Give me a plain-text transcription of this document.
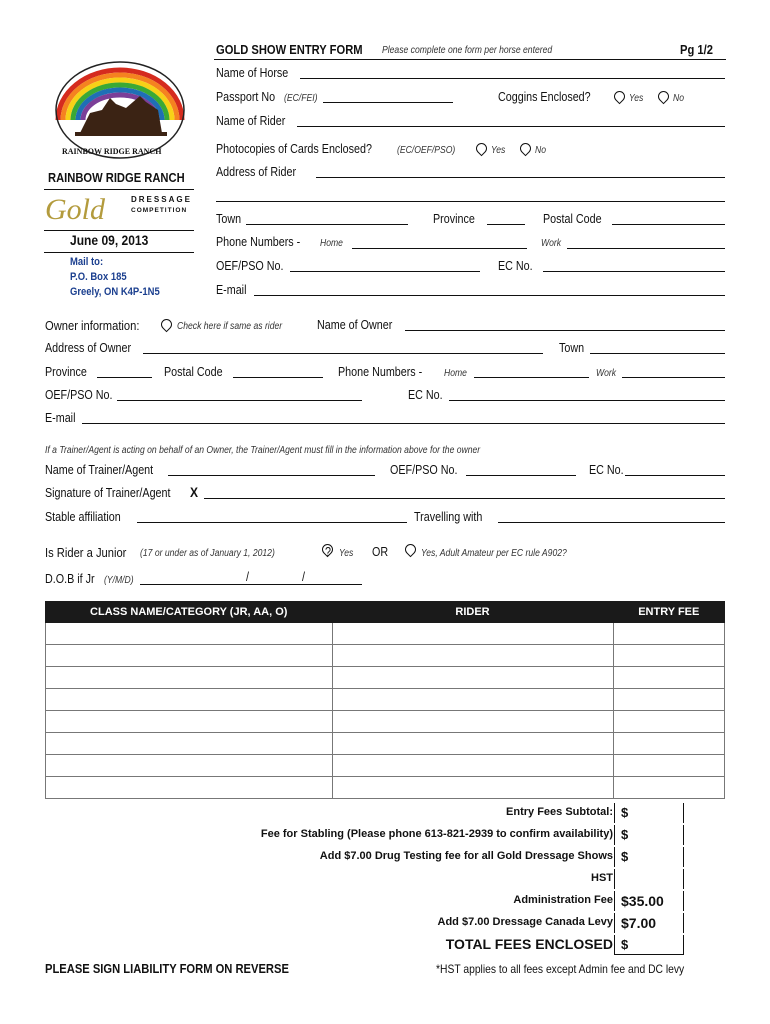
RAINBOW RIDGE RANCH
RAINBOW RIDGE RANCH
Gold	DRESSAGE
COMPETITION
June 09, 2013
Mail to:
P.O. Box 185
Greely, ON K4P-1N5
GOLD SHOW ENTRY FORM Please complete one form per horse entered	Pg 1/2
Name of Horse
Passport No (EC/FEI)	Coggins Enclosed?	Yes	No
Name of Rider
Photocopies of Cards Enclosed?	(EC/OEF/PSO)	Yes	No
Address of Rider
Town	Province	Postal Code
Phone Numbers - Home	Work
OEF/PSO No.	EC No.
E-mail
Owner information:	Check here if same as rider	Name of Owner
Address of Owner	Town
Province	Postal Code	Phone Numbers - Home	Work
OEF/PSO No.	EC No.
E-mail
If a Trainer/Agent is acting on behalf of an Owner, the Trainer/Agent must fill in the information above for the owner
Name of Trainer/Agent	OEF/PSO No.	EC No.
Signature of Trainer/Agent X
Stable affiliation	Travelling with
Is Rider a Junior (17 or under as of January 1, 2012)	? Yes OR	Yes, Adult Amateur per EC rule A902?
D.O.B if Jr (Y/M/D)	/	/
CLASS NAME/CATEGORY (JR, AA, O)	RIDER	ENTRY FEE

Entry Fees Subtotal: $
Fee for Stabling (Please phone 613-821-2939 to confirm availability) $
Add $7.00 Drug Testing fee for all Gold Dressage Shows $
HST
Administration Fee $35.00
Add $7.00 Dressage Canada Levy $7.00
TOTAL FEES ENCLOSED $
PLEASE SIGN LIABILITY FORM ON REVERSE	*HST applies to all fees except Admin fee and DC levy
